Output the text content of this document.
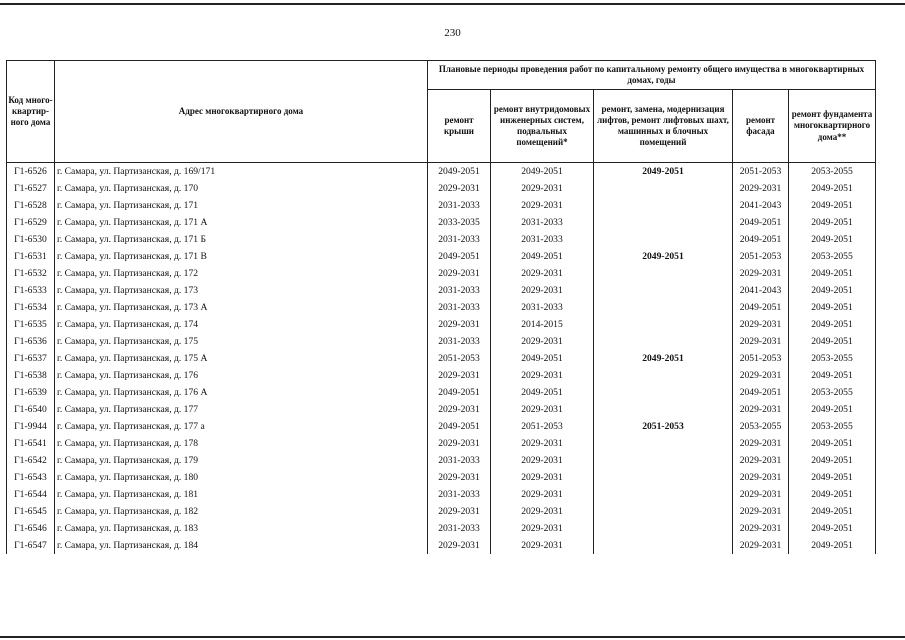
230
Код много-квартир-ного дома	Адрес многоквартирного дома	Плановые периоды проведения работ по капитальному ремонту общего имущества в многоквартирных домах, годы				
		ремонт крыши	ремонт внутридомовых инженерных систем, подвальных помещений*	ремонт, замена, модернизация лифтов, ремонт лифтовых шахт, машинных и блочных помещений	ремонт фасада	ремонт фундамента многоквартирного дома**
Г1-6526	г. Самара, ул. Партизанская, д. 169/171	2049-2051	2049-2051	2049-2051	2051-2053	2053-2055
Г1-6527	г. Самара, ул. Партизанская, д. 170	2029-2031	2029-2031		2029-2031	2049-2051
Г1-6528	г. Самара, ул. Партизанская, д. 171	2031-2033	2029-2031		2041-2043	2049-2051
Г1-6529	г. Самара, ул. Партизанская, д. 171 А	2033-2035	2031-2033		2049-2051	2049-2051
Г1-6530	г. Самара, ул. Партизанская, д. 171 Б	2031-2033	2031-2033		2049-2051	2049-2051
Г1-6531	г. Самара, ул. Партизанская, д. 171 В	2049-2051	2049-2051	2049-2051	2051-2053	2053-2055
Г1-6532	г. Самара, ул. Партизанская, д. 172	2029-2031	2029-2031		2029-2031	2049-2051
Г1-6533	г. Самара, ул. Партизанская, д. 173	2031-2033	2029-2031		2041-2043	2049-2051
Г1-6534	г. Самара, ул. Партизанская, д. 173 А	2031-2033	2031-2033		2049-2051	2049-2051
Г1-6535	г. Самара, ул. Партизанская, д. 174	2029-2031	2014-2015		2029-2031	2049-2051
Г1-6536	г. Самара, ул. Партизанская, д. 175	2031-2033	2029-2031		2029-2031	2049-2051
Г1-6537	г. Самара, ул. Партизанская, д. 175 А	2051-2053	2049-2051	2049-2051	2051-2053	2053-2055
Г1-6538	г. Самара, ул. Партизанская, д. 176	2029-2031	2029-2031		2029-2031	2049-2051
Г1-6539	г. Самара, ул. Партизанская, д. 176 А	2049-2051	2049-2051		2049-2051	2053-2055
Г1-6540	г. Самара, ул. Партизанская, д. 177	2029-2031	2029-2031		2029-2031	2049-2051
Г1-9944	г. Самара, ул. Партизанская, д. 177 а	2049-2051	2051-2053	2051-2053	2053-2055	2053-2055
Г1-6541	г. Самара, ул. Партизанская, д. 178	2029-2031	2029-2031		2029-2031	2049-2051
Г1-6542	г. Самара, ул. Партизанская, д. 179	2031-2033	2029-2031		2029-2031	2049-2051
Г1-6543	г. Самара, ул. Партизанская, д. 180	2029-2031	2029-2031		2029-2031	2049-2051
Г1-6544	г. Самара, ул. Партизанская, д. 181	2031-2033	2029-2031		2029-2031	2049-2051
Г1-6545	г. Самара, ул. Партизанская, д. 182	2029-2031	2029-2031		2029-2031	2049-2051
Г1-6546	г. Самара, ул. Партизанская, д. 183	2031-2033	2029-2031		2029-2031	2049-2051
Г1-6547	г. Самара, ул. Партизанская, д. 184	2029-2031	2029-2031		2029-2031	2049-2051
